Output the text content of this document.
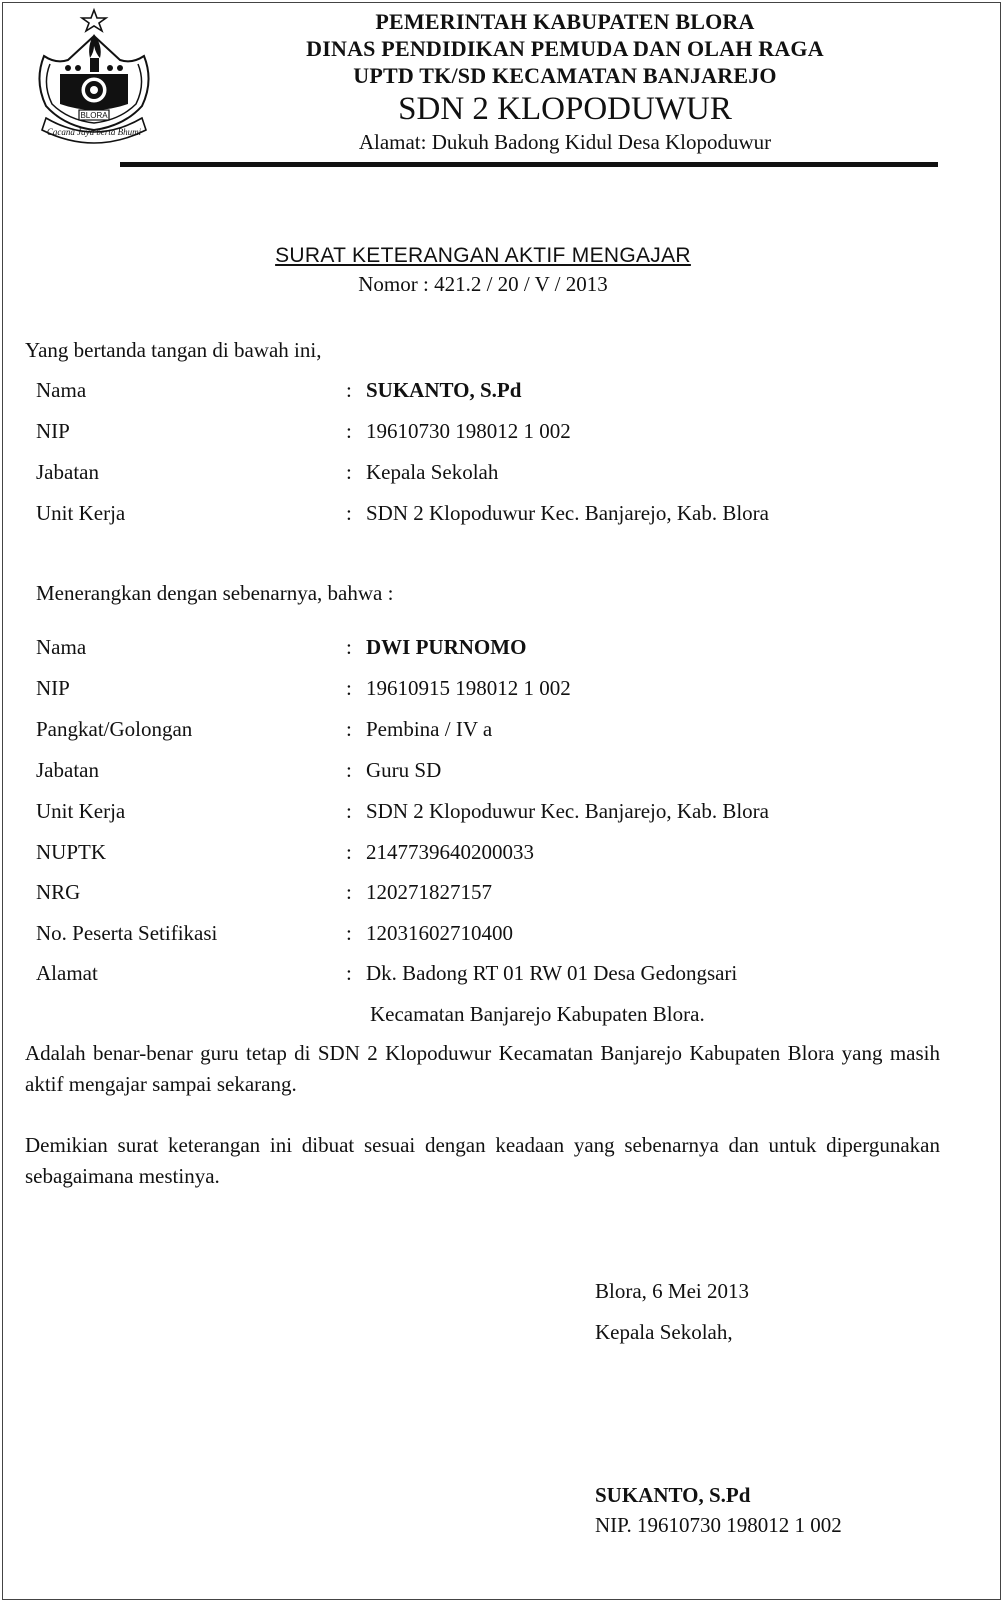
BLORA
Cacana Jaya berta Bhumi
PEMERINTAH KABUPATEN BLORA
DINAS PENDIDIKAN PEMUDA DAN OLAH RAGA
UPTD TK/SD KECAMATAN BANJAREJO
SDN 2 KLOPODUWUR
Alamat: Dukuh Badong Kidul Desa Klopoduwur
SURAT KETERANGAN AKTIF MENGAJAR
Nomor : 421.2 / 20 / V / 2013
Yang bertanda tangan di bawah ini,
Nama	: SUKANTO, S.Pd
NIP	: 19610730 198012 1 002
Jabatan	: Kepala Sekolah
Unit Kerja	: SDN 2 Klopoduwur Kec. Banjarejo, Kab. Blora
Menerangkan dengan sebenarnya, bahwa :
Nama	: DWI PURNOMO
NIP	: 19610915 198012 1 002
Pangkat/Golongan	: Pembina / IV a
Jabatan	: Guru SD
Unit Kerja	: SDN 2 Klopoduwur Kec. Banjarejo, Kab. Blora
NUPTK	: 2147739640200033
NRG	: 120271827157
No. Peserta Setifikasi	: 12031602710400
Alamat	: Dk. Badong RT 01 RW 01 Desa Gedongsari
Kecamatan Banjarejo Kabupaten Blora.
Adalah benar-benar guru tetap di SDN 2 Klopoduwur Kecamatan Banjarejo Kabupaten Blora yang masih aktif mengajar sampai sekarang.
Demikian surat keterangan ini dibuat sesuai dengan keadaan yang sebenarnya dan untuk dipergunakan sebagaimana mestinya.
Blora, 6 Mei 2013
Kepala Sekolah,
SUKANTO, S.Pd
NIP. 19610730 198012 1 002
